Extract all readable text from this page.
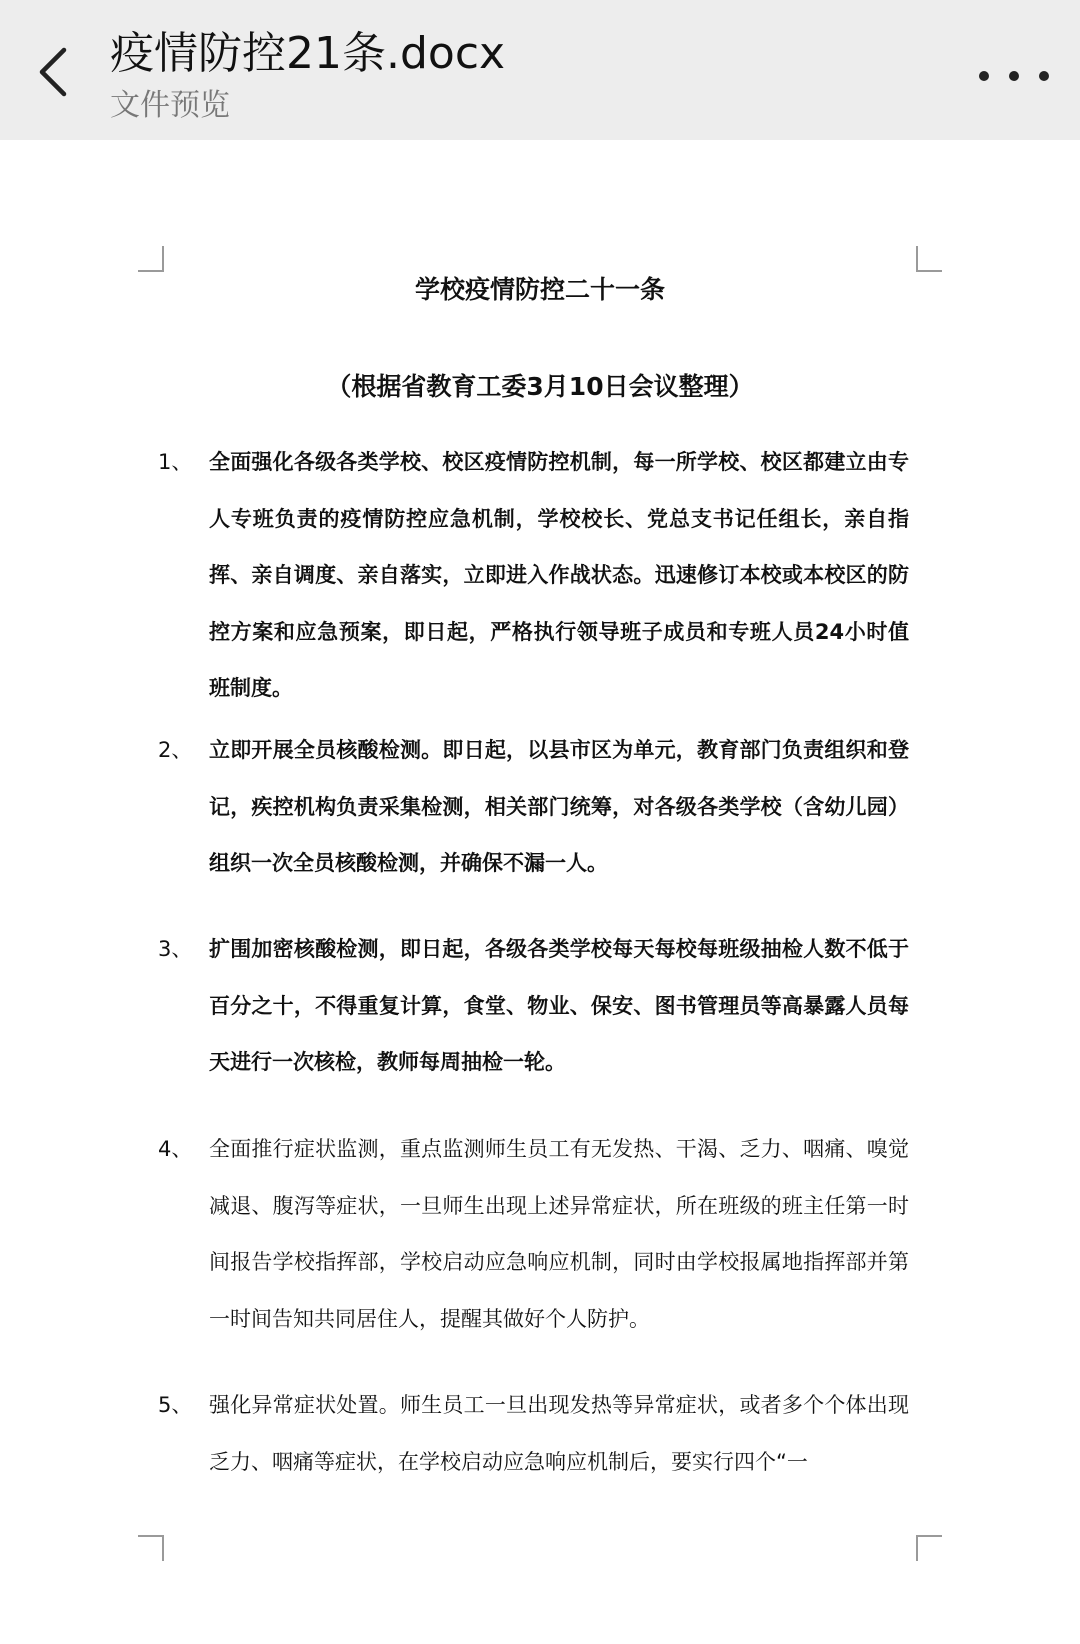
疫情防控21条.docx
文件预览
学校疫情防控二十一条
（根据省教育工委3月10日会议整理）
1、 全面强化各级各类学校、校区疫情防控机制，每一所学校、校区都建立由专人专班负责的疫情防控应急机制，学校校长、党总支书记任组长，亲自指挥、亲自调度、亲自落实，立即进入作战状态。迅速修订本校或本校区的防控方案和应急预案，即日起，严格执行领导班子成员和专班人员24小时值班制度。
2、 立即开展全员核酸检测。即日起，以县市区为单元，教育部门负责组织和登记，疾控机构负责采集检测，相关部门统筹，对各级各类学校（含幼儿园）组织一次全员核酸检测，并确保不漏一人。
3、 扩围加密核酸检测，即日起，各级各类学校每天每校每班级抽检人数不低于百分之十，不得重复计算，食堂、物业、保安、图书管理员等高暴露人员每天进行一次核检，教师每周抽检一轮。
4、 全面推行症状监测，重点监测师生员工有无发热、干渴、乏力、咽痛、嗅觉减退、腹泻等症状，一旦师生出现上述异常症状，所在班级的班主任第一时间报告学校指挥部，学校启动应急响应机制，同时由学校报属地指挥部并第一时间告知共同居住人，提醒其做好个人防护。
5、 强化异常症状处置。师生员工一旦出现发热等异常症状，或者多个个体出现乏力、咽痛等症状，在学校启动应急响应机制后，要实行四个“一
